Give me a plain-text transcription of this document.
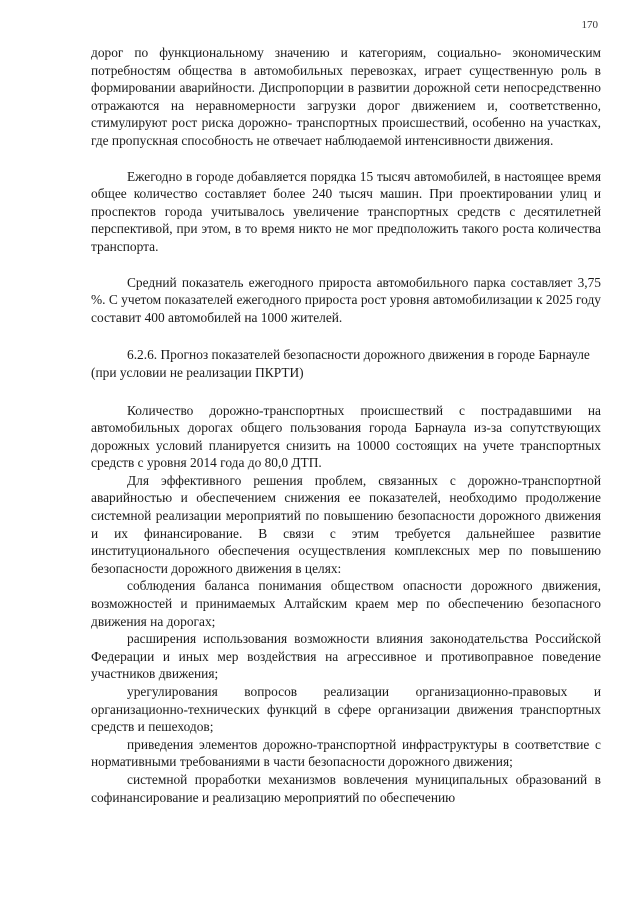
170

дорог по функциональному значению и категориям, социально- экономическим потребностям общества в автомобильных перевозках, играет существенную роль в формировании аварийности. Диспропорции в развитии дорожной сети непосредственно отражаются на неравномерности загрузки дорог движением и, соответственно, стимулируют рост риска дорожно- транспортных происшествий, особенно на участках, где пропускная способность не отвечает наблюдаемой интенсивности движения.

Ежегодно в городе добавляется порядка 15 тысяч автомобилей, в настоящее время общее количество составляет более 240 тысяч машин. При проектировании улиц и проспектов города учитывалось увеличение транспортных средств с десятилетней перспективой, при этом, в то время никто не мог предположить такого роста количества транспорта.

Средний показатель ежегодного прироста автомобильного парка составляет 3,75 %. С учетом показателей ежегодного прироста рост уровня автомобилизации к 2025 году составит 400 автомобилей на 1000 жителей.

6.2.6. Прогноз показателей безопасности дорожного движения в городе Барнауле (при условии не реализации ПКРТИ)

Количество дорожно-транспортных происшествий с пострадавшими на автомобильных дорогах общего пользования города Барнаула из-за сопутствующих дорожных условий планируется снизить на 10000 состоящих на учете транспортных средств с уровня 2014 года до 80,0 ДТП.

Для эффективного решения проблем, связанных с дорожно-транспортной аварийностью и обеспечением снижения ее показателей, необходимо продолжение системной реализации мероприятий по повышению безопасности дорожного движения и их финансирование. В связи с этим требуется дальнейшее развитие институционального обеспечения осуществления комплексных мер по повышению безопасности дорожного движения в целях:

соблюдения баланса понимания обществом опасности дорожного движения, возможностей и принимаемых Алтайским краем мер по обеспечению безопасного движения на дорогах;

расширения использования возможности влияния законодательства Российской Федерации и иных мер воздействия на агрессивное и противоправное поведение участников движения;

урегулирования вопросов реализации организационно-правовых и организационно-технических функций в сфере организации движения транспортных средств и пешеходов;

приведения элементов дорожно-транспортной инфраструктуры в соответствие с нормативными требованиями в части безопасности дорожного движения;

системной проработки механизмов вовлечения муниципальных образований в софинансирование и реализацию мероприятий по обеспечению
